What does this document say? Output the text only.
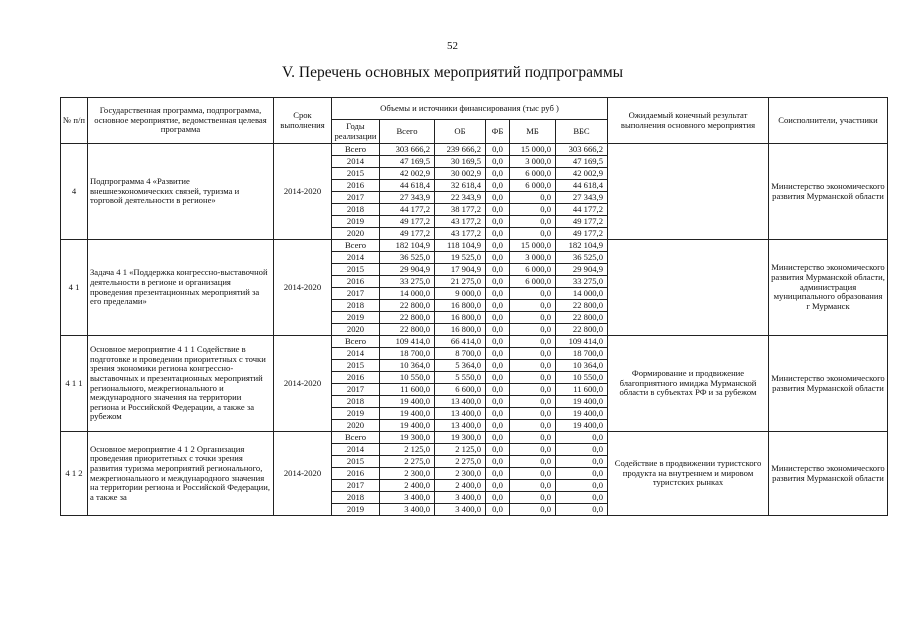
52
V. Перечень основных мероприятий подпрограммы
№ п/п	Государственная программа, подпрограмма, основное мероприятие, ведомственная целевая программа	Срок выполнения	Объемы и источники финансирования (тыс руб )						Ожидаемый конечный результат выполнения основного мероприятия	Соисполнители, участники
			Годы реализации	Всего	ОБ	ФБ	МБ	ВБС		
4	Подпрограмма 4 «Развитие внешнеэкономических связей, туризма и торговой деятельности в регионе»	2014-2020	Всего	303 666,2	239 666,2	0,0	15 000,0	303 666,2		Министерство экономического развития Мурманской области
			2014	47 169,5	30 169,5	0,0	3 000,0	47 169,5		
			2015	42 002,9	30 002,9	0,0	6 000,0	42 002,9		
			2016	44 618,4	32 618,4	0,0	6 000,0	44 618,4		
			2017	27 343,9	22 343,9	0,0	0,0	27 343,9		
			2018	44 177,2	38 177,2	0,0	0,0	44 177,2		
			2019	49 177,2	43 177,2	0,0	0,0	49 177,2		
			2020	49 177,2	43 177,2	0,0	0,0	49 177,2		
4 1	Задача 4 1 «Поддержка конгрессно-выставочной деятельности в регионе и организация проведения презентационных мероприятий за его пределами»	2014-2020	Всего	182 104,9	118 104,9	0,0	15 000,0	182 104,9		Министерство экономического развития Мурманской области, администрация муниципального образования г Мурманск
			2014	36 525,0	19 525,0	0,0	3 000,0	36 525,0		
			2015	29 904,9	17 904,9	0,0	6 000,0	29 904,9		
			2016	33 275,0	21 275,0	0,0	6 000,0	33 275,0		
			2017	14 000,0	9 000,0	0,0	0,0	14 000,0		
			2018	22 800,0	16 800,0	0,0	0,0	22 800,0		
			2019	22 800,0	16 800,0	0,0	0,0	22 800,0		
			2020	22 800,0	16 800,0	0,0	0,0	22 800,0		
4 1 1	Основное мероприятие 4 1 1 Содействие в подготовке и проведении приоритетных с точки зрения экономики региона конгрессно-выставочных и презентационных мероприятий регионального, межрегионального и международного значения на территории региона и Российской Федерации, а также за рубежом	2014-2020	Всего	109 414,0	66 414,0	0,0	0,0	109 414,0	Формирование и продвижение благоприятного имиджа Мурманской области в субъектах РФ и за рубежом	Министерство экономического развития Мурманской области
			2014	18 700,0	8 700,0	0,0	0,0	18 700,0		
			2015	10 364,0	5 364,0	0,0	0,0	10 364,0		
			2016	10 550,0	5 550,0	0,0	0,0	10 550,0		
			2017	11 600,0	6 600,0	0,0	0,0	11 600,0		
			2018	19 400,0	13 400,0	0,0	0,0	19 400,0		
			2019	19 400,0	13 400,0	0,0	0,0	19 400,0		
			2020	19 400,0	13 400,0	0,0	0,0	19 400,0		
4 1 2	Основное мероприятие 4 1 2 Организация проведения приоритетных с точки зрения развития туризма мероприятий регионального, межрегионального и международного значения на территории региона и Российской Федерации, а также за	2014-2020	Всего	19 300,0	19 300,0	0,0	0,0	0,0	Содействие в продвижении туристского продукта на внутреннем и мировом туристских рынках	Министерство экономического развития Мурманской области
			2014	2 125,0	2 125,0	0,0	0,0	0,0		
			2015	2 275,0	2 275,0	0,0	0,0	0,0		
			2016	2 300,0	2 300,0	0,0	0,0	0,0		
			2017	2 400,0	2 400,0	0,0	0,0	0,0		
			2018	3 400,0	3 400,0	0,0	0,0	0,0		
			2019	3 400,0	3 400,0	0,0	0,0	0,0		
